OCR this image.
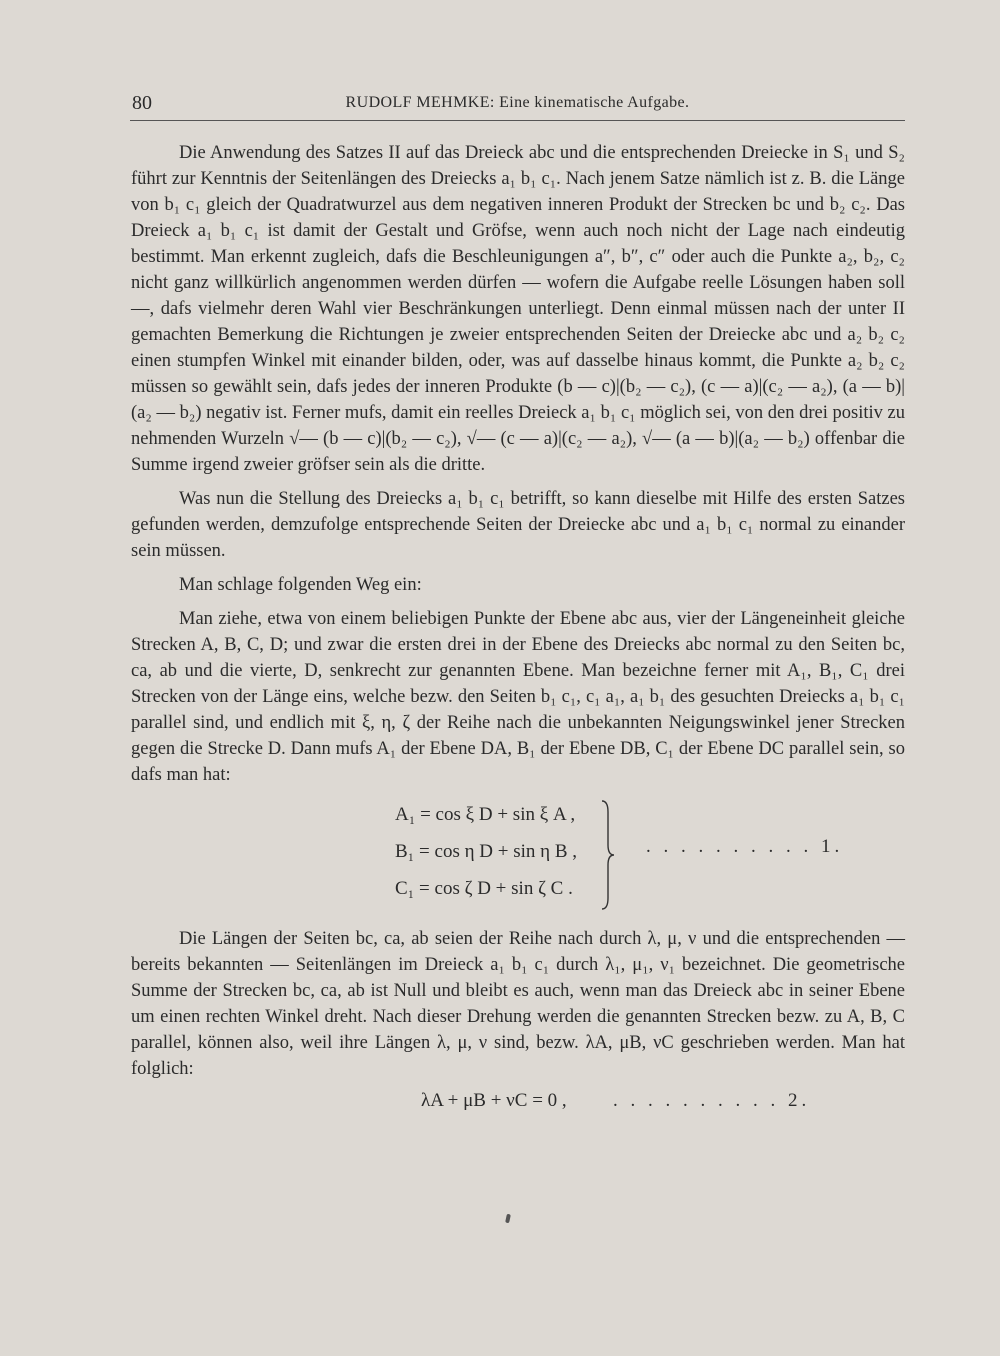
80	RUDOLF MEHMKE: Eine kinematische Aufgabe.

Die Anwendung des Satzes II auf das Dreieck abc und die entsprechenden Dreiecke in S₁ und S₂ führt zur Kenntnis der Seitenlängen des Dreiecks a₁ b₁ c₁. Nach jenem Satze nämlich ist z. B. die Länge von b₁ c₁ gleich der Quadratwurzel aus dem negativen inneren Produkt der Strecken bc und b₂ c₂. Das Dreieck a₁ b₁ c₁ ist damit der Gestalt und Gröfse, wenn auch noch nicht der Lage nach eindeutig bestimmt. Man erkennt zugleich, dafs die Beschleunigungen a″, b″, c″ oder auch die Punkte a₂, b₂, c₂ nicht ganz willkürlich angenommen werden dürfen — wofern die Aufgabe reelle Lösungen haben soll —, dafs vielmehr deren Wahl vier Beschränkungen unterliegt. Denn einmal müssen nach der unter II gemachten Bemerkung die Richtungen je zweier entsprechenden Seiten der Dreiecke abc und a₂ b₂ c₂ einen stumpfen Winkel mit einander bilden, oder, was auf dasselbe hinaus kommt, die Punkte a₂ b₂ c₂ müssen so gewählt sein, dafs jedes der inneren Produkte (b — c)|(b₂ — c₂), (c — a)|(c₂ — a₂), (a — b)|(a₂ — b₂) negativ ist. Ferner mufs, damit ein reelles Dreieck a₁ b₁ c₁ möglich sei, von den drei positiv zu nehmenden Wurzeln √— (b — c)|(b₂ — c₂), √— (c — a)|(c₂ — a₂), √— (a — b)|(a₂ — b₂) offenbar die Summe irgend zweier gröfser sein als die dritte.

Was nun die Stellung des Dreiecks a₁ b₁ c₁ betrifft, so kann dieselbe mit Hilfe des ersten Satzes gefunden werden, demzufolge entsprechende Seiten der Dreiecke abc und a₁ b₁ c₁ normal zu einander sein müssen.

Man schlage folgenden Weg ein:

Man ziehe, etwa von einem beliebigen Punkte der Ebene abc aus, vier der Längeneinheit gleiche Strecken A, B, C, D; und zwar die ersten drei in der Ebene des Dreiecks abc normal zu den Seiten bc, ca, ab und die vierte, D, senkrecht zur genannten Ebene. Man bezeichne ferner mit A₁, B₁, C₁ drei Strecken von der Länge eins, welche bezw. den Seiten b₁ c₁, c₁ a₁, a₁ b₁ des gesuchten Dreiecks a₁ b₁ c₁ parallel sind, und endlich mit ξ, η, ζ der Reihe nach die unbekannten Neigungswinkel jener Strecken gegen die Strecke D. Dann mufs A₁ der Ebene DA, B₁ der Ebene DB, C₁ der Ebene DC parallel sein, so dafs man hat:

A₁ = cos ξ D + sin ξ A ,
B₁ = cos η D + sin η B ,
C₁ = cos ζ D + sin ζ C .
. . . . . . . . . . 1.

Die Längen der Seiten bc, ca, ab seien der Reihe nach durch λ, μ, ν und die entsprechenden — bereits bekannten — Seitenlängen im Dreieck a₁ b₁ c₁ durch λ₁, μ₁, ν₁ bezeichnet. Die geometrische Summe der Strecken bc, ca, ab ist Null und bleibt es auch, wenn man das Dreieck abc in seiner Ebene um einen rechten Winkel dreht. Nach dieser Drehung werden die genannten Strecken bezw. zu A, B, C parallel, können also, weil ihre Längen λ, μ, ν sind, bezw. λA, μB, νC geschrieben werden. Man hat folglich:

λA + μB + νC = 0 , . . . . . . . . . . 2.
